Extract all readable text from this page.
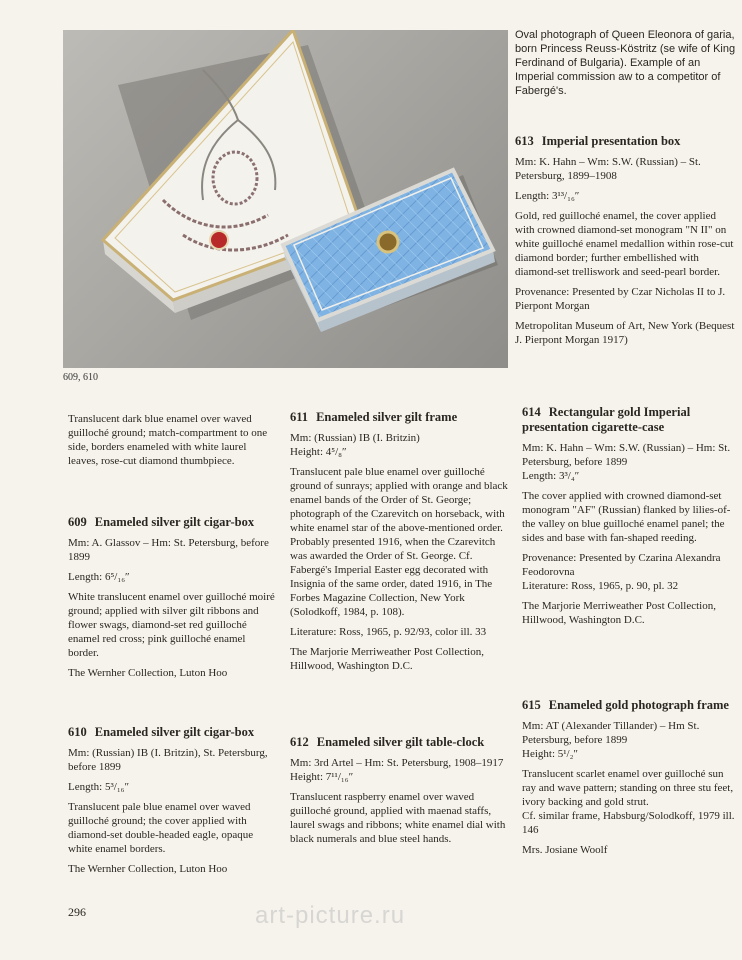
609, 610

Oval photograph of Queen Eleonora of garia, born Princess Reuss-Köstritz (se wife of King Ferdinand of Bulgaria). Example of an Imperial commission aw to a competitor of Fabergé's.

613 Imperial presentation box

Mm: K. Hahn – Wm: S.W. (Russian) – St. Petersburg, 1899–1908

Length: 3¹³/₁₆″

Gold, red guilloché enamel, the cover applied with crowned diamond-set monogram "N II" on white guilloché enamel medallion within rose-cut diamond border; further embellished with diamond-set trelliswork and seed-pearl border.

Provenance: Presented by Czar Nicholas II to J. Pierpont Morgan

Metropolitan Museum of Art, New York (Bequest J. Pierpont Morgan 1917)

Translucent dark blue enamel over waved guilloché ground; match-compartment to one side, borders enameled with white laurel leaves, rose-cut diamond thumbpiece.

609 Enameled silver gilt cigar-box

Mm: A. Glassov – Hm: St. Petersburg, before 1899

Length: 6⁵/₁₆″

White translucent enamel over guilloché moiré ground; applied with silver gilt ribbons and flower swags, diamond-set red guilloché enamel red cross; pink guilloché enamel border.

The Wernher Collection, Luton Hoo

610 Enameled silver gilt cigar-box

Mm: (Russian) IB (I. Britzin), St. Petersburg, before 1899

Length: 5³/₁₆″

Translucent pale blue enamel over waved guilloché ground; the cover applied with diamond-set double-headed eagle, opaque white enamel borders.

The Wernher Collection, Luton Hoo

611 Enameled silver gilt frame

Mm: (Russian) IB (I. Britzin)

Height: 4⁵/₈″

Translucent pale blue enamel over guilloché ground of sunrays; applied with orange and black enamel bands of the Order of St. George; photograph of the Czarevitch on horseback, with white enamel star of the above-mentioned order.

Probably presented 1916, when the Czarevitch was awarded the Order of St. George. Cf. Fabergé's Imperial Easter egg decorated with Insignia of the same order, dated 1916, in The Forbes Magazine Collection, New York (Solodkoff, 1984, p. 108).

Literature: Ross, 1965, p. 92/93, color ill. 33

The Marjorie Merriweather Post Collection, Hillwood, Washington D.C.

612 Enameled silver gilt table-clock

Mm: 3rd Artel – Hm: St. Petersburg, 1908–1917

Height: 7¹¹/₁₆″

Translucent raspberry enamel over waved guilloché ground, applied with maenad staffs, laurel swags and ribbons; white enamel dial with black numerals and blue steel hands.

614 Rectangular gold Imperial presentation cigarette-case

Mm: K. Hahn – Wm: S.W. (Russian) – Hm: St. Petersburg, before 1899

Length: 3³/₄″

The cover applied with crowned diamond-set monogram "AF" (Russian) flanked by lilies-of-the valley on blue guilloché enamel panel; the sides and base with fan-shaped reeding.

Provenance: Presented by Czarina Alexandra Feodorovna

Literature: Ross, 1965, p. 90, pl. 32

The Marjorie Merriweather Post Collection, Hillwood, Washington D.C.

615 Enameled gold photograph frame

Mm: AT (Alexander Tillander) – Hm St. Petersburg, before 1899

Height: 5¹/₂″

Translucent scarlet enamel over guilloché sun ray and wave pattern; standing on three stu feet, ivory backing and gold strut.

Cf. similar frame, Habsburg/Solodkoff, 1979 ill. 146

Mrs. Josiane Woolf

296	art-picture.ru
